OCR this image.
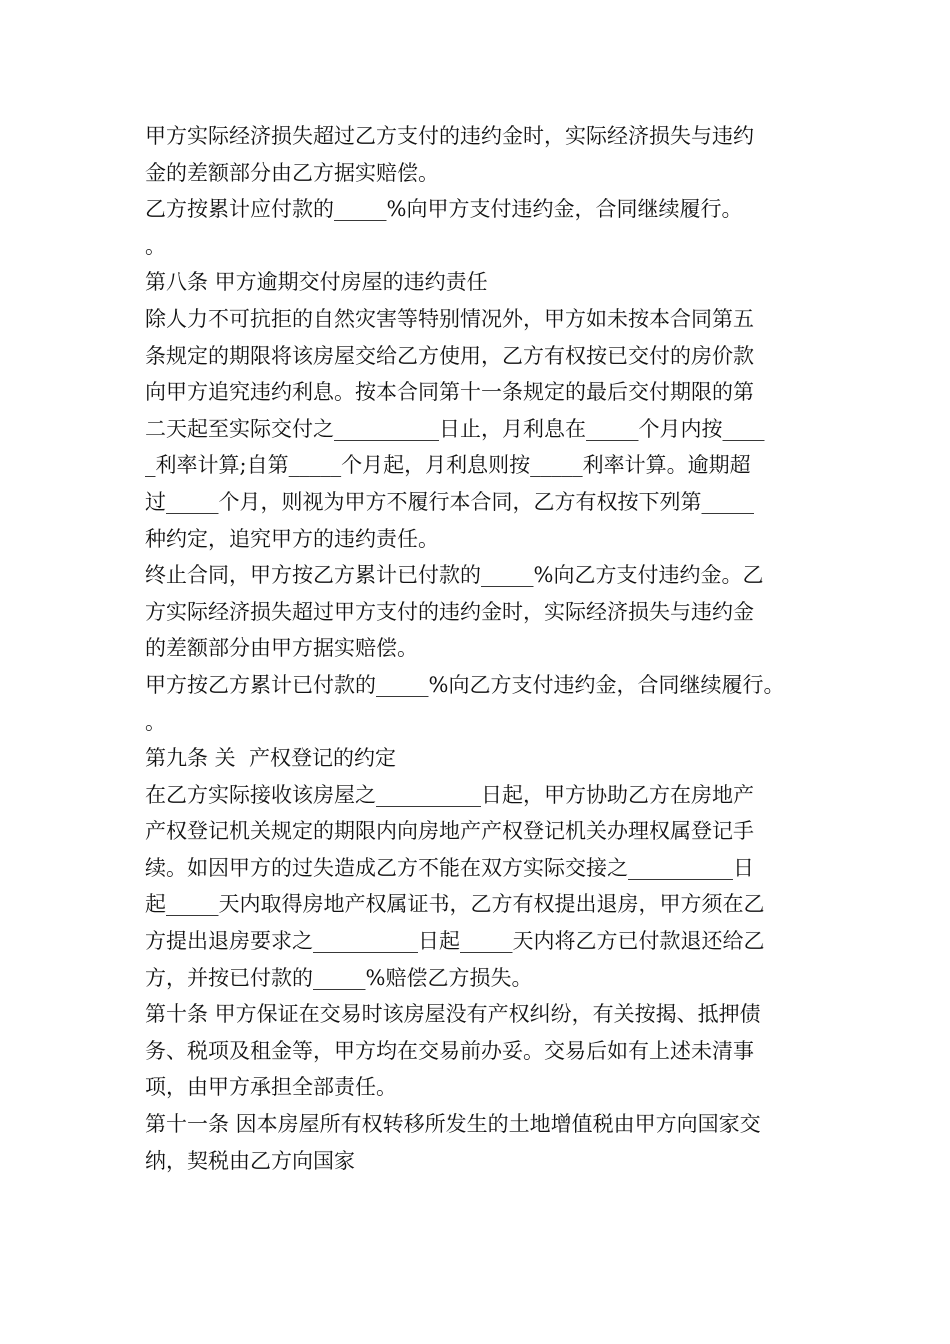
甲方实际经济损失超过乙方支付的违约金时，实际经济损失与违约
金的差额部分由乙方据实赔偿。
乙方按累计应付款的_____%向甲方支付违约金，合同继续履行。
。
第八条 甲方逾期交付房屋的违约责任
除人力不可抗拒的自然灾害等特别情况外，甲方如未按本合同第五
条规定的期限将该房屋交给乙方使用，乙方有权按已交付的房价款
向甲方追究违约利息。按本合同第十一条规定的最后交付期限的第
二天起至实际交付之__________日止，月利息在_____个月内按____
_利率计算;自第_____个月起，月利息则按_____利率计算。逾期超
过_____个月，则视为甲方不履行本合同，乙方有权按下列第_____
种约定，追究甲方的违约责任。
终止合同，甲方按乙方累计已付款的_____%向乙方支付违约金。乙
方实际经济损失超过甲方支付的违约金时，实际经济损失与违约金
的差额部分由甲方据实赔偿。
甲方按乙方累计已付款的_____%向乙方支付违约金，合同继续履行。
。
第九条 关  产权登记的约定
在乙方实际接收该房屋之__________日起，甲方协助乙方在房地产
产权登记机关规定的期限内向房地产产权登记机关办理权属登记手
续。如因甲方的过失造成乙方不能在双方实际交接之__________日
起_____天内取得房地产权属证书，乙方有权提出退房，甲方须在乙
方提出退房要求之__________日起_____天内将乙方已付款退还给乙
方，并按已付款的_____%赔偿乙方损失。
第十条 甲方保证在交易时该房屋没有产权纠纷，有关按揭、抵押债
务、税项及租金等，甲方均在交易前办妥。交易后如有上述未清事
项，由甲方承担全部责任。
第十一条 因本房屋所有权转移所发生的土地增值税由甲方向国家交
纳，契税由乙方向国家
